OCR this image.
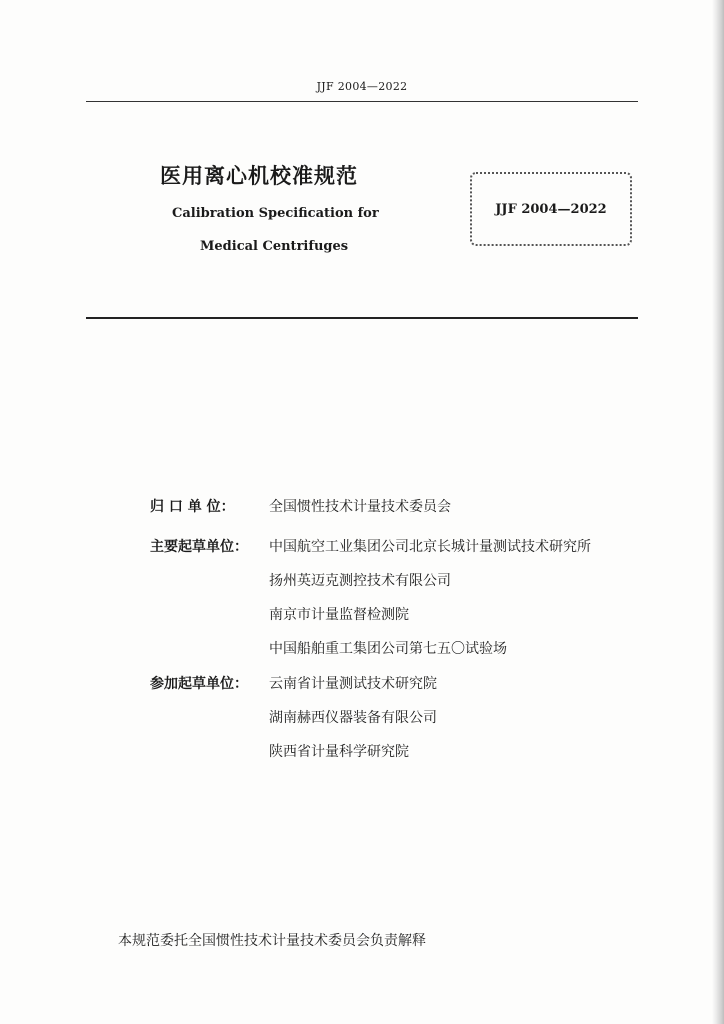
JJF 2004—2022
医用离心机校准规范
Calibration Specification for
Medical Centrifuges
JJF 2004—2022
归 口 单 位： 全国惯性技术计量技术委员会
主要起草单位： 中国航空工业集团公司北京长城计量测试技术研究所
扬州英迈克测控技术有限公司
南京市计量监督检测院
中国船舶重工集团公司第七五〇试验场
参加起草单位： 云南省计量测试技术研究院
湖南赫西仪器装备有限公司
陕西省计量科学研究院
本规范委托全国惯性技术计量技术委员会负责解释
